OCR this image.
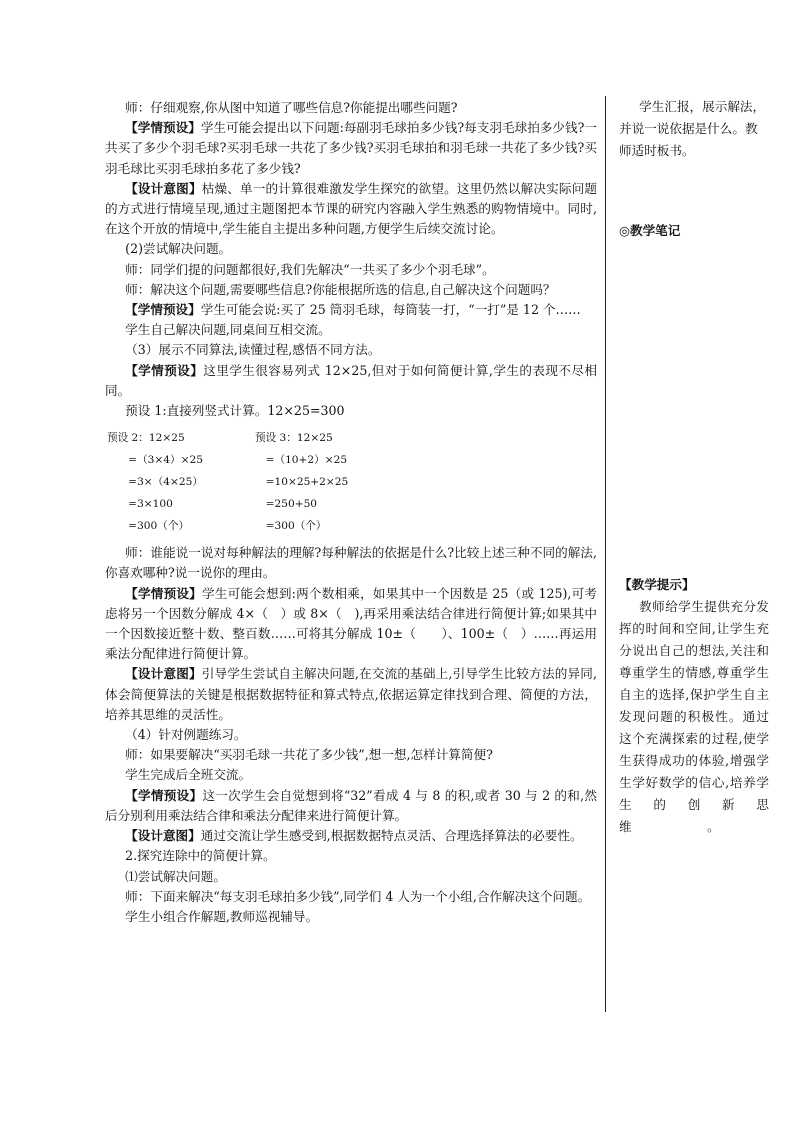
师：仔细观察,你从图中知道了哪些信息?你能提出哪些问题?

【学情预设】学生可能会提出以下问题:每副羽毛球拍多少钱?每支羽毛球拍多少钱?一共买了多少个羽毛球?买羽毛球一共花了多少钱?买羽毛球拍和羽毛球一共花了多少钱?买羽毛球比买羽毛球拍多花了多少钱?

【设计意图】枯燥、单一的计算很难激发学生探究的欲望。这里仍然以解决实际问题的方式进行情境呈现,通过主题图把本节课的研究内容融入学生熟悉的购物情境中。同时,在这个开放的情境中,学生能自主提出多种问题,方便学生后续交流讨论。

(2)尝试解决问题。

师：同学们提的问题都很好,我们先解决“一共买了多少个羽毛球”。

师：解决这个问题,需要哪些信息?你能根据所选的信息,自己解决这个问题吗？

【学情预设】学生可能会说:买了 25 筒羽毛球，每筒装一打，“一打”是 12 个……

学生自己解决问题,同桌间互相交流。

（3）展示不同算法,读懂过程,感悟不同方法。

【学情预设】这里学生很容易列式 12×25,但对于如何简便计算,学生的表现不尽相同。

预设 1:直接列竖式计算。12×25=300

预设 2：12×25
　　=（3×4）×25
　　=3×（4×25）
　　=3×100
　　=300（个）
预设 3：12×25
　=（10+2）×25
　=10×25+2×25
　=250+50
　=300（个）

师：谁能说一说对每种解法的理解?每种解法的依据是什么?比较上述三种不同的解法,你喜欢哪种?说一说你的理由。

【学情预设】学生可能会想到:两个数相乘，如果其中一个因数是 25（或 125),可考虑将另一个因数分解成 4×（　）或 8×（　),再采用乘法结合律进行简便计算;如果其中一个因数接近整十数、整百数……可将其分解成 10±（　　）、100±（　）……再运用乘法分配律进行简便计算。

【设计意图】引导学生尝试自主解决问题,在交流的基础上,引导学生比较方法的异同,体会简便算法的关键是根据数据特征和算式特点,依据运算定律找到合理、简便的方法，培养其思维的灵活性。

（4）针对例题练习。

师：如果要解决“买羽毛球一共花了多少钱”,想一想,怎样计算简便?

学生完成后全班交流。

【学情预设】这一次学生会自觉想到将“32”看成 4 与 8 的积,或者 30 与 2 的和,然后分别利用乘法结合律和乘法分配律来进行简便计算。

【设计意图】通过交流让学生感受到,根据数据特点灵活、合理选择算法的必要性。

2.探究连除中的简便计算。

⑴尝试解决问题。

师：下面来解决“每支羽毛球拍多少钱”,同学们 4 人为一个小组,合作解决这个问题。

学生小组合作解题,教师巡视辅导。

学生汇报，展示解法，并说一说依据是什么。教师适时板书。

◎教学笔记

【教学提示】

教师给学生提供充分发挥的时间和空间,让学生充分说出自己的想法,关注和尊重学生的情感,尊重学生自主的选择,保护学生自主发现问题的积极性。通过这个充满探索的过程,使学生获得成功的体验,增强学生学好数学的信心,培养学生的创新思维　　　　　　。
